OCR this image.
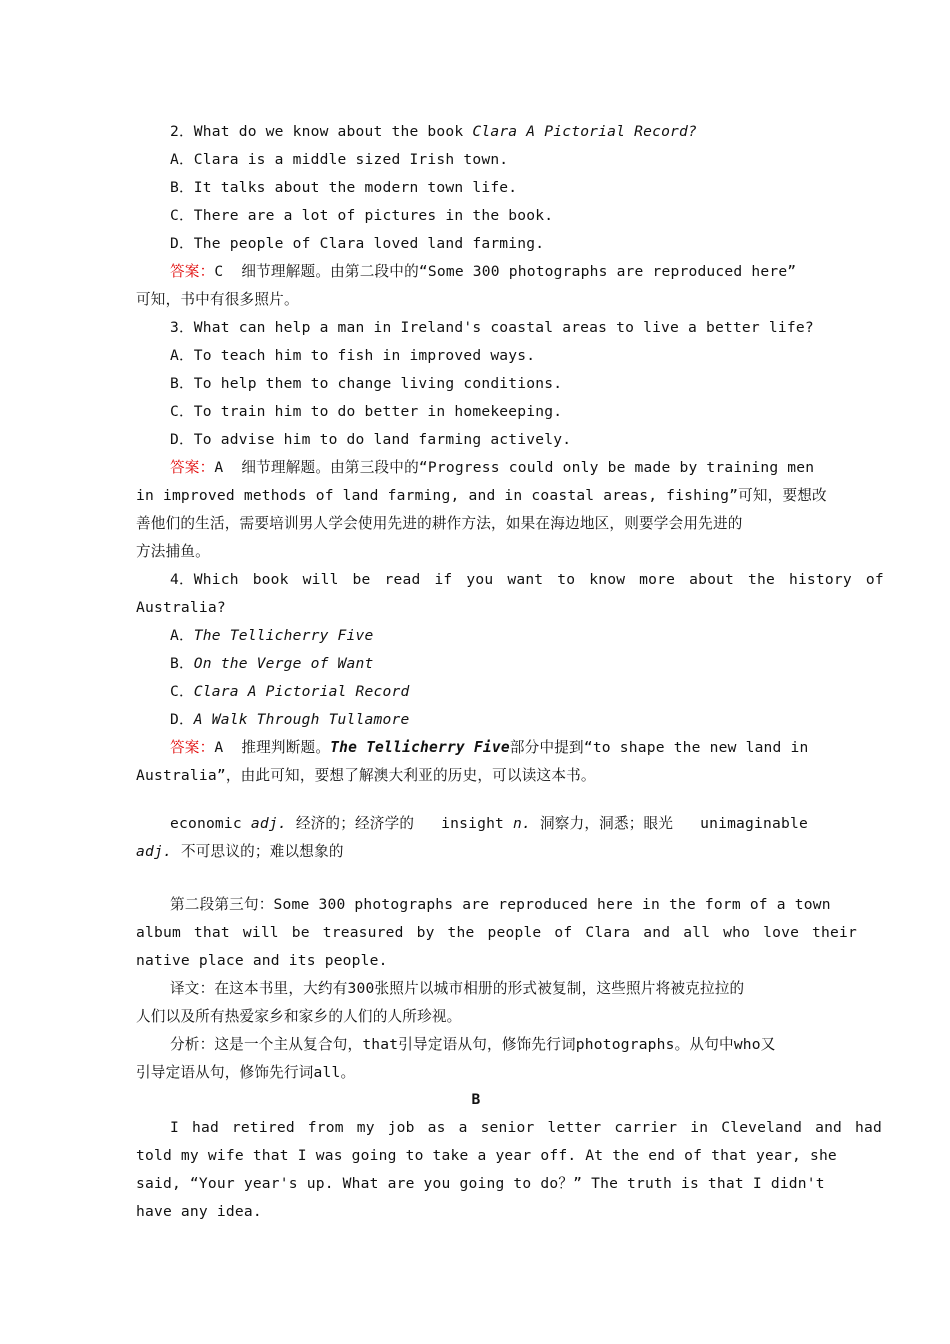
2．What do we know about the book Clara A Pictorial Record?
A．Clara is a middle sized Irish town.
B．It talks about the modern town life.
C．There are a lot of pictures in the book.
D．The people of Clara loved land farming.
答案：C  细节理解题。由第二段中的“Some 300 photographs are reproduced here”
可知，书中有很多照片。
3．What can help a man in Ireland's coastal areas to live a better life?
A．To teach him to fish in improved ways.
B．To help them to change living conditions.
C．To train him to do better in homekeeping.
D．To advise him to do land farming actively.
答案：A  细节理解题。由第三段中的“Progress could only be made by training men
in improved methods of land farming, and in coastal areas, fishing”可知，要想改
善他们的生活，需要培训男人学会使用先进的耕作方法，如果在海边地区，则要学会用先进的
方法捕鱼。
4．Which book will be read if you want to know more about the history of
Australia?
A．The Tellicherry Five
B．On the Verge of Want
C．Clara A Pictorial Record
D．A Walk Through Tullamore
答案：A  推理判断题。The Tellicherry Five部分中提到“to shape the new land in
Australia”，由此可知，要想了解澳大利亚的历史，可以读这本书。
economic adj. 经济的；经济学的   insight n. 洞察力，洞悉；眼光   unimaginable
adj. 不可思议的；难以想象的
第二段第三句：Some 300 photographs are reproduced here in the form of a town
album that will be treasured by the people of Clara and all who love their
native place and its people.
译文：在这本书里，大约有300张照片以城市相册的形式被复制，这些照片将被克拉拉的
人们以及所有热爱家乡和家乡的人们的人所珍视。
分析：这是一个主从复合句，that引导定语从句，修饰先行词photographs。从句中who又
引导定语从句，修饰先行词all。
B
I had retired from my job as a senior letter carrier in Cleveland and had
told my wife that I was going to take a year off. At the end of that year, she
said, “Your year's up. What are you going to do？” The truth is that I didn't
have any idea.
